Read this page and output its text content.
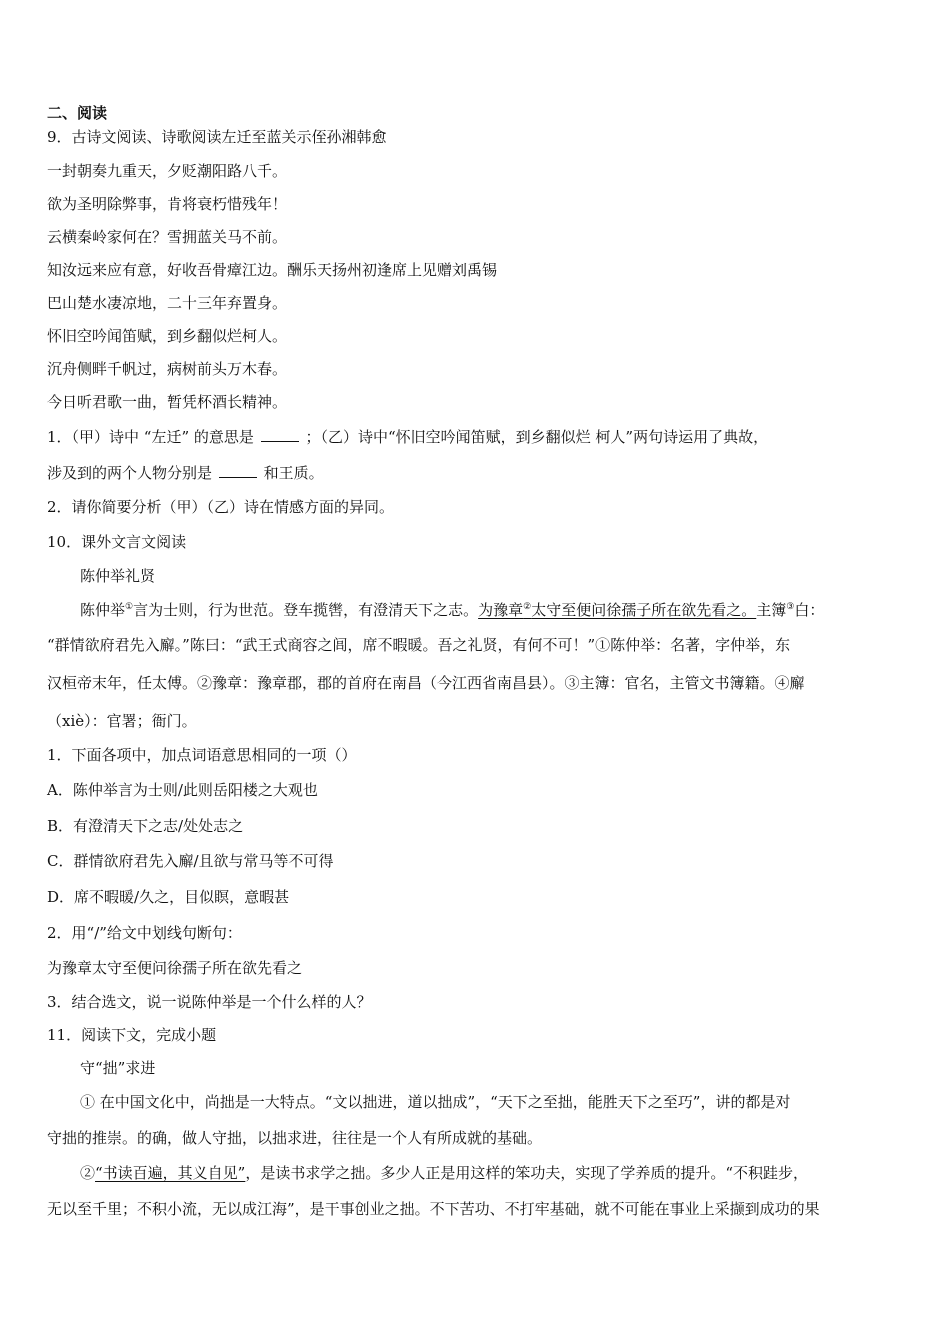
二、阅读
9．古诗文阅读、诗歌阅读左迁至蓝关示侄孙湘韩愈
一封朝奏九重天，夕贬潮阳路八千。
欲为圣明除弊事，肯将衰朽惜残年！
云横秦岭家何在？雪拥蓝关马不前。
知汝远来应有意，好收吾骨瘴江边。酬乐天扬州初逢席上见赠刘禹锡
巴山楚水凄凉地，二十三年弃置身。
怀旧空吟闻笛赋，到乡翻似烂柯人。
沉舟侧畔千帆过，病树前头万木春。
今日听君歌一曲，暂凭杯酒长精神。
1．（甲）诗中 “左迁” 的意思是	；（乙）诗中“怀旧空吟闻笛赋，到乡翻似烂 柯人”两句诗运用了典故，
涉及到的两个人物分别是	和王质。
2．请你简要分析（甲）（乙）诗在情感方面的异同。
10．课外文言文阅读
陈仲举礼贤
陈仲举①言为士则，行为世范。登车揽辔，有澄清天下之志。为豫章②太守至便问徐孺子所在欲先看之。主簿③白：
“群情欲府君先入廨。”陈曰：“武王式商容之闾，席不暇暖。吾之礼贤，有何不可！”①陈仲举：名著，字仲举，东
汉桓帝末年，任太傅。②豫章：豫章郡，郡的首府在南昌（今江西省南昌县）。③主簿：官名，主管文书簿籍。④廨
（xiè）：官署；衙门。
1．下面各项中，加点词语意思相同的一项（）
A．陈仲举言为士则/此则岳阳楼之大观也
B．有澄清天下之志/处处志之
C．群情欲府君先入廨/且欲与常马等不可得
D．席不暇暖/久之，目似瞑，意暇甚
2．用“/”给文中划线句断句：
为豫章太守至便问徐孺子所在欲先看之
3．结合选文，说一说陈仲举是一个什么样的人？
11．阅读下文，完成小题
守“拙”求进
① 在中国文化中，尚拙是一大特点。“文以拙进，道以拙成”，“天下之至拙，能胜天下之至巧”，讲的都是对
守拙的推崇。的确，做人守拙，以拙求进，往往是一个人有所成就的基础。
②“书读百遍，其义自见”，是读书求学之拙。多少人正是用这样的笨功夫，实现了学养质的提升。“不积跬步，
无以至千里；不积小流，无以成江海”，是干事创业之拙。不下苦功、不打牢基础，就不可能在事业上采撷到成功的果
